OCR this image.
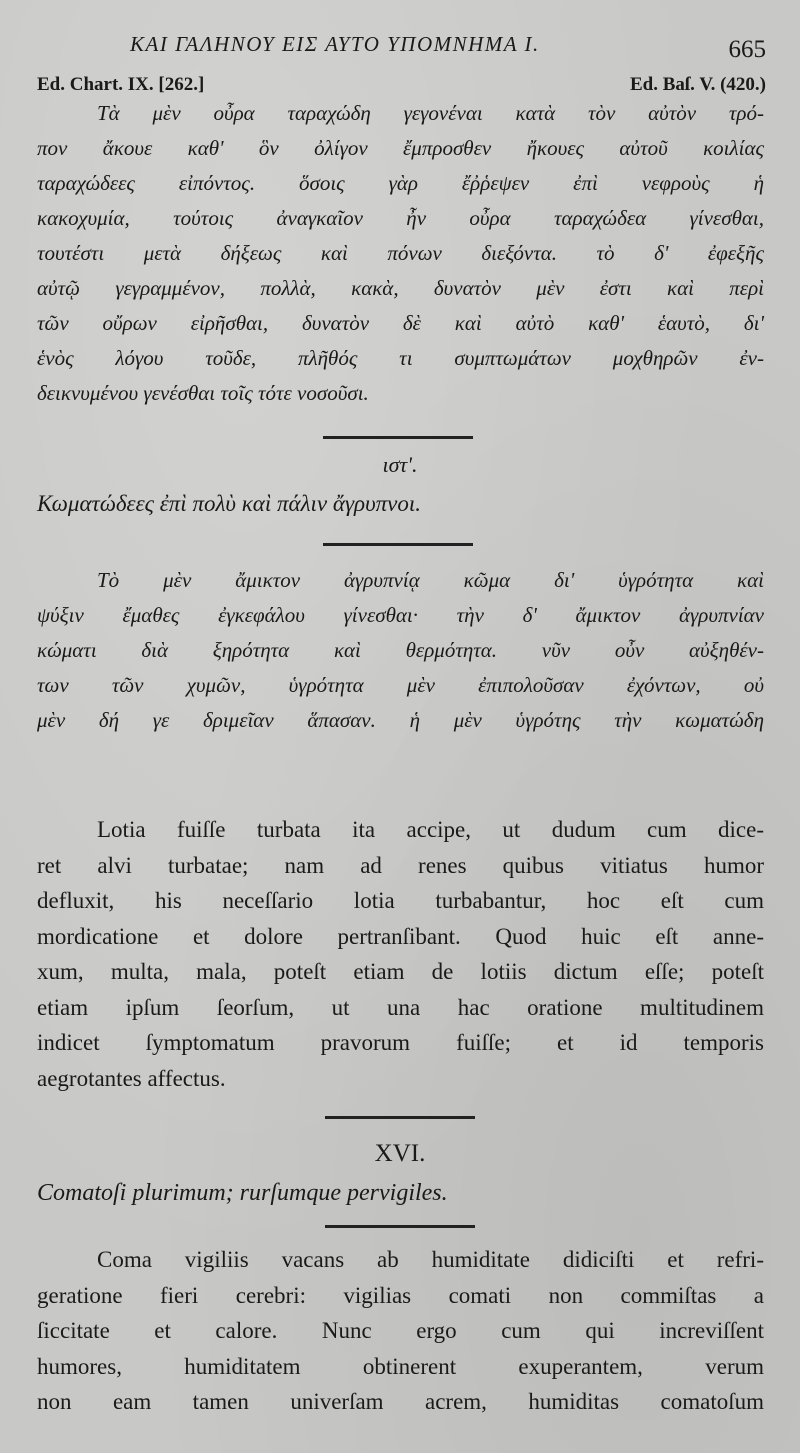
ΚΑΙ ΓΑΛΗΝΟΥ ΕΙΣ ΑΥΤΟ ΥΠΟΜΝΗΜΑ Ι.	665
Ed. Chart. IX. [262.]	Ed. Baſ. V. (420.)
Τὰ μὲν οὖρα ταραχώδη γεγονέναι κατὰ τὸν αὐτὸν τρό-
πον ἄκουε καθ' ὃν ὀλίγον ἔμπροσθεν ἤκουες αὐτοῦ κοιλίας
ταραχώδεες εἰπόντος. ὅσοις γὰρ ἔῤῥεψεν ἐπὶ νεφροὺς ἡ
κακοχυμία, τούτοις ἀναγκαῖον ἦν οὖρα ταραχώδεα γίνεσθαι,
τουτέστι μετὰ δήξεως καὶ πόνων διεξόντα. τὸ δ' ἐφεξῆς
αὐτῷ γεγραμμένον, πολλὰ, κακὰ, δυνατὸν μὲν ἐστι καὶ περὶ
τῶν οὔρων εἰρῆσθαι, δυνατὸν δὲ καὶ αὐτὸ καθ' ἑαυτὸ, δι'
ἑνὸς λόγου τοῦδε, πλῆθός τι συμπτωμάτων μοχθηρῶν ἐν-
δεικνυμένου γενέσθαι τοῖς τότε νοσοῦσι.
ιστ'.
Κωματώδεες ἐπὶ πολὺ καὶ πάλιν ἄγρυπνοι.
Τὸ μὲν ἄμικτον ἀγρυπνίᾳ κῶμα δι' ὑγρότητα καὶ
ψύξιν ἔμαθες ἐγκεφάλου γίνεσθαι· τὴν δ' ἄμικτον ἀγρυπνίαν
κώματι διὰ ξηρότητα καὶ θερμότητα. νῦν οὖν αὐξηθέν-
των τῶν χυμῶν, ὑγρότητα μὲν ἐπιπολοῦσαν ἐχόντων, οὐ
μὲν δή γε δριμεῖαν ἅπασαν. ἡ μὲν ὑγρότης τὴν κωματώδη
Lotia fuiſſe turbata ita accipe, ut dudum cum dice-
ret alvi turbatae; nam ad renes quibus vitiatus humor
defluxit, his neceſſario lotia turbabantur, hoc eſt cum
mordicatione et dolore pertranſibant. Quod huic eſt anne-
xum, multa, mala, poteſt etiam de lotiis dictum eſſe; poteſt
etiam ipſum ſeorſum, ut una hac oratione multitudinem
indicet ſymptomatum pravorum fuiſſe; et id temporis
aegrotantes affectus.
XVI.
Comatoſi plurimum; rurſumque pervigiles.
Coma vigiliis vacans ab humiditate didiciſti et refri-
geratione fieri cerebri: vigilias comati non commiſtas a
ſiccitate et calore. Nunc ergo cum qui increviſſent
humores, humiditatem obtinerent exuperantem, verum
non eam tamen univerſam acrem, humiditas comatoſum
